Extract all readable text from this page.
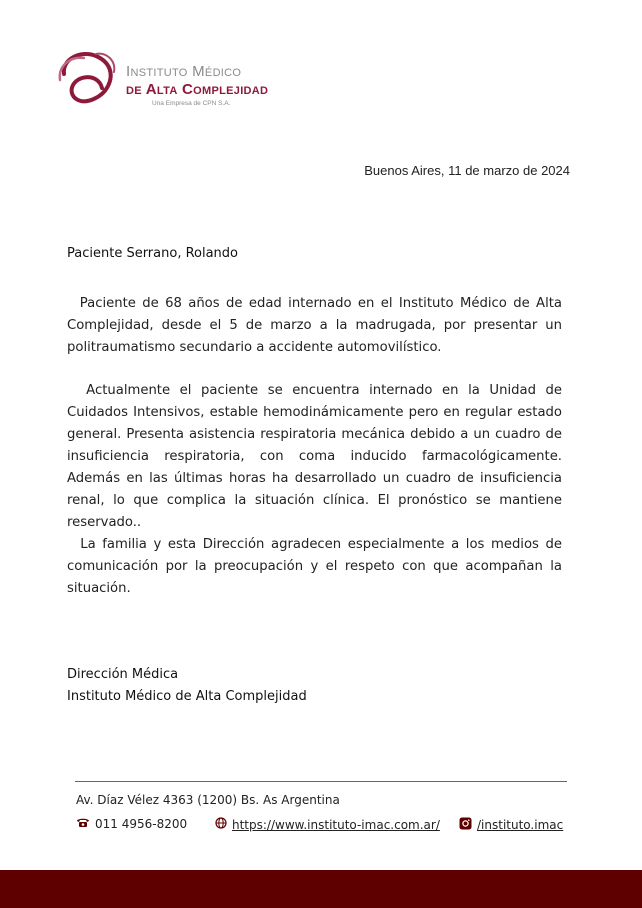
Instituto Médico
de Alta Complejidad
Una Empresa de CPN S.A.
Buenos Aires, 11 de marzo de 2024
Paciente Serrano, Rolando

Paciente de 68 años de edad internado en el Instituto Médico de Alta Complejidad, desde el 5 de marzo a la madrugada, por presentar un politraumatismo secundario a accidente automovilístico.

Actualmente el paciente se encuentra internado en la Unidad de Cuidados Intensivos, estable hemodinámicamente pero en regular estado general. Presenta asistencia respiratoria mecánica debido a un cuadro de insuficiencia respiratoria, con coma inducido farmacológicamente. Además en las últimas horas ha desarrollado un cuadro de insuficiencia renal, lo que complica la situación clínica. El pronóstico se mantiene reservado..

La familia y esta Dirección agradecen especialmente a los medios de comunicación por la preocupación y el respeto con que acompañan la situación.

Dirección Médica
Instituto Médico de Alta Complejidad
Av. Díaz Vélez 4363 (1200) Bs. As Argentina
011 4956-8200	https://www.instituto-imac.com.ar/	/instituto.imac
